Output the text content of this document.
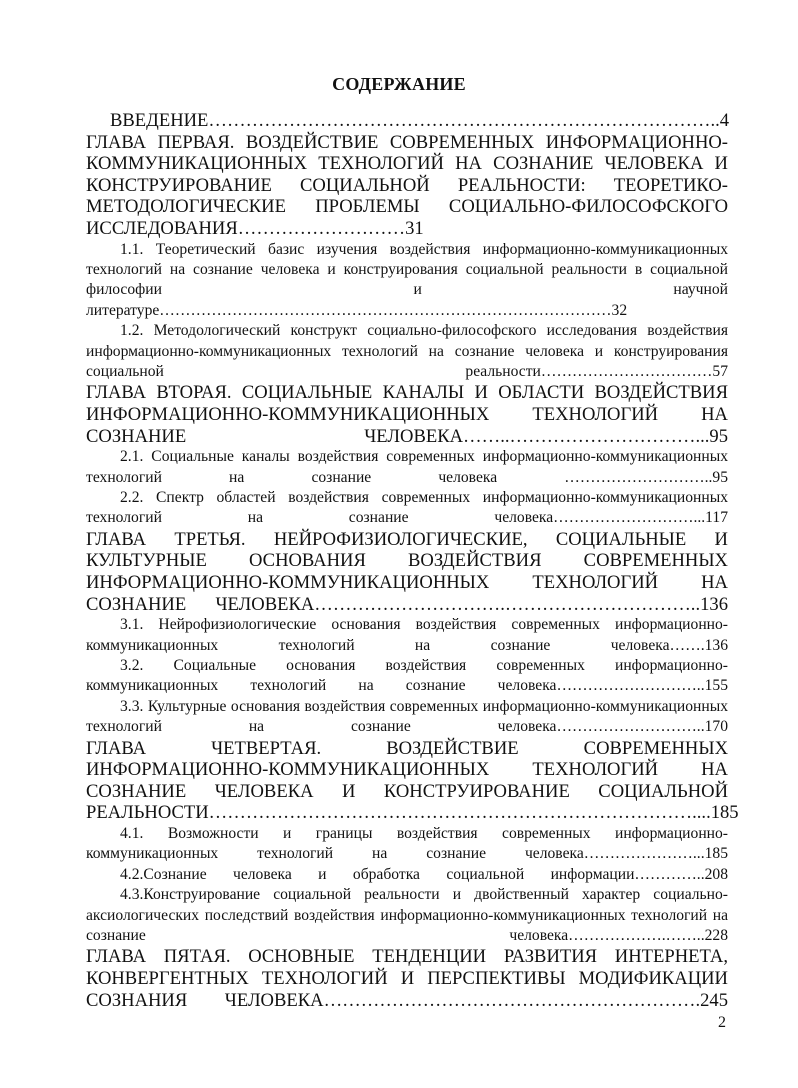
СОДЕРЖАНИЕ
ВВЕДЕНИЕ………………………………………………………………………..4
ГЛАВА ПЕРВАЯ. ВОЗДЕЙСТВИЕ СОВРЕМЕННЫХ ИНФОРМАЦИОННО-КОММУНИКАЦИОННЫХ ТЕХНОЛОГИЙ НА СОЗНАНИЕ ЧЕЛОВЕКА И КОНСТРУИРОВАНИЕ СОЦИАЛЬНОЙ РЕАЛЬНОСТИ: ТЕОРЕТИКО-МЕТОДОЛОГИЧЕСКИЕ ПРОБЛЕМЫ СОЦИАЛЬНО-ФИЛОСОФСКОГО ИССЛЕДОВАНИЯ………………………31
1.1. Теоретический базис изучения воздействия информационно-коммуникационных технологий на сознание человека и конструирования социальной реальности в социальной философии и научной литературе……………………………………………………………………………32
1.2. Методологический конструкт социально-философского исследования воздействия информационно-коммуникационных технологий на сознание человека и конструирования социальной реальности……………………………57
ГЛАВА ВТОРАЯ. СОЦИАЛЬНЫЕ КАНАЛЫ И ОБЛАСТИ ВОЗДЕЙСТВИЯ ИНФОРМАЦИОННО-КОММУНИКАЦИОННЫХ ТЕХНОЛОГИЙ НА СОЗНАНИЕ ЧЕЛОВЕКА……..…………………………...95
2.1. Социальные каналы воздействия современных информационно-коммуникационных технологий на сознание человека ………………………..95
2.2. Спектр областей воздействия современных информационно-коммуникационных технологий на сознание человека………………………...117
ГЛАВА ТРЕТЬЯ. НЕЙРОФИЗИОЛОГИЧЕСКИЕ, СОЦИАЛЬНЫЕ И КУЛЬТУРНЫЕ ОСНОВАНИЯ ВОЗДЕЙСТВИЯ СОВРЕМЕННЫХ ИНФОРМАЦИОННО-КОММУНИКАЦИОННЫХ ТЕХНОЛОГИЙ НА СОЗНАНИЕ ЧЕЛОВЕКА………………………….…………………………..136
3.1. Нейрофизиологические основания воздействия современных информационно-коммуникационных технологий на сознание человека…….136
3.2. Социальные основания воздействия современных информационно-коммуникационных технологий на сознание человека………………………..155
3.3. Культурные основания воздействия современных информационно-коммуникационных технологий на сознание человека………………………..170
ГЛАВА ЧЕТВЕРТАЯ. ВОЗДЕЙСТВИЕ СОВРЕМЕННЫХ ИНФОРМАЦИОННО-КОММУНИКАЦИОННЫХ ТЕХНОЛОГИЙ НА СОЗНАНИЕ ЧЕЛОВЕКА И КОНСТРУИРОВАНИЕ СОЦИАЛЬНОЙ РЕАЛЬНОСТИ……………………………………………………………………....185
4.1. Возможности и границы воздействия современных информационно-коммуникационных технологий на сознание человека…………………...185
4.2.Сознание человека и обработка социальной информации…………..208
4.3.Конструирование социальной реальности и двойственный характер социально-аксиологических последствий воздействия информационно-коммуникационных технологий на сознание человека……………….……..228
ГЛАВА ПЯТАЯ. ОСНОВНЫЕ ТЕНДЕНЦИИ РАЗВИТИЯ ИНТЕРНЕТА, КОНВЕРГЕНТНЫХ ТЕХНОЛОГИЙ И ПЕРСПЕКТИВЫ МОДИФИКАЦИИ СОЗНАНИЯ ЧЕЛОВЕКА…………………………………………………….245
2
